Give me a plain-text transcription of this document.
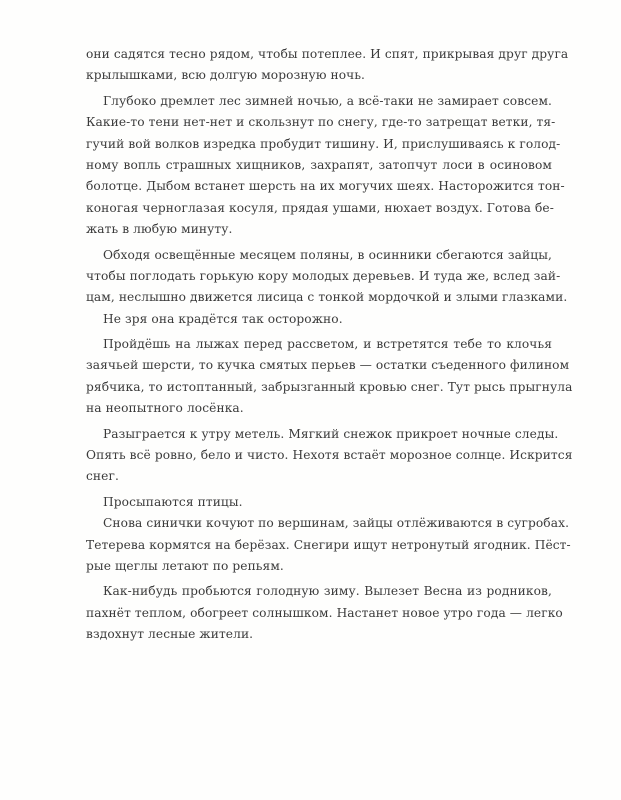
они садятся тесно рядом, чтобы потеплее. И спят, прикрывая друг друга
крылышками, всю долгую морозную ночь.
Глубоко дремлет лес зимней ночью, а всё-таки не замирает совсем.
Какие-то тени нет-нет и скользнут по снегу, где-то затрещат ветки, тя-
гучий вой волков изредка пробудит тишину. И, прислушиваясь к голод-
ному вопль страшных хищников, захрапят, затопчут лоси в осиновом
болотце. Дыбом встанет шерсть на их могучих шеях. Насторожится тон-
коногая черноглазая косуля, прядая ушами, нюхает воздух. Готова бе-
жать в любую минуту.
Обходя освещённые месяцем поляны, в осинники сбегаются зайцы,
чтобы поглодать горькую кору молодых деревьев. И туда же, вслед зай-
цам, неслышно движется лисица с тонкой мордочкой и злыми глазками.
Не зря она крадётся так осторожно.
Пройдёшь на лыжах перед рассветом, и встретятся тебе то клочья
заячьей шерсти, то кучка смятых перьев — остатки съеденного филином
рябчика, то истоптанный, забрызганный кровью снег. Тут рысь прыгнула
на неопытного лосёнка.
Разыграется к утру метель. Мягкий снежок прикроет ночные следы.
Опять всё ровно, бело и чисто. Нехотя встаёт морозное солнце. Искрится
снег.
Просыпаются птицы.
Снова синички кочуют по вершинам, зайцы отлёживаются в сугробах.
Тетерева кормятся на берёзах. Снегири ищут нетронутый ягодник. Пёст-
рые щеглы летают по репьям.
Как-нибудь пробьются голодную зиму. Вылезет Весна из родников,
пахнёт теплом, обогреет солнышком. Настанет новое утро года — легко
вздохнут лесные жители.
